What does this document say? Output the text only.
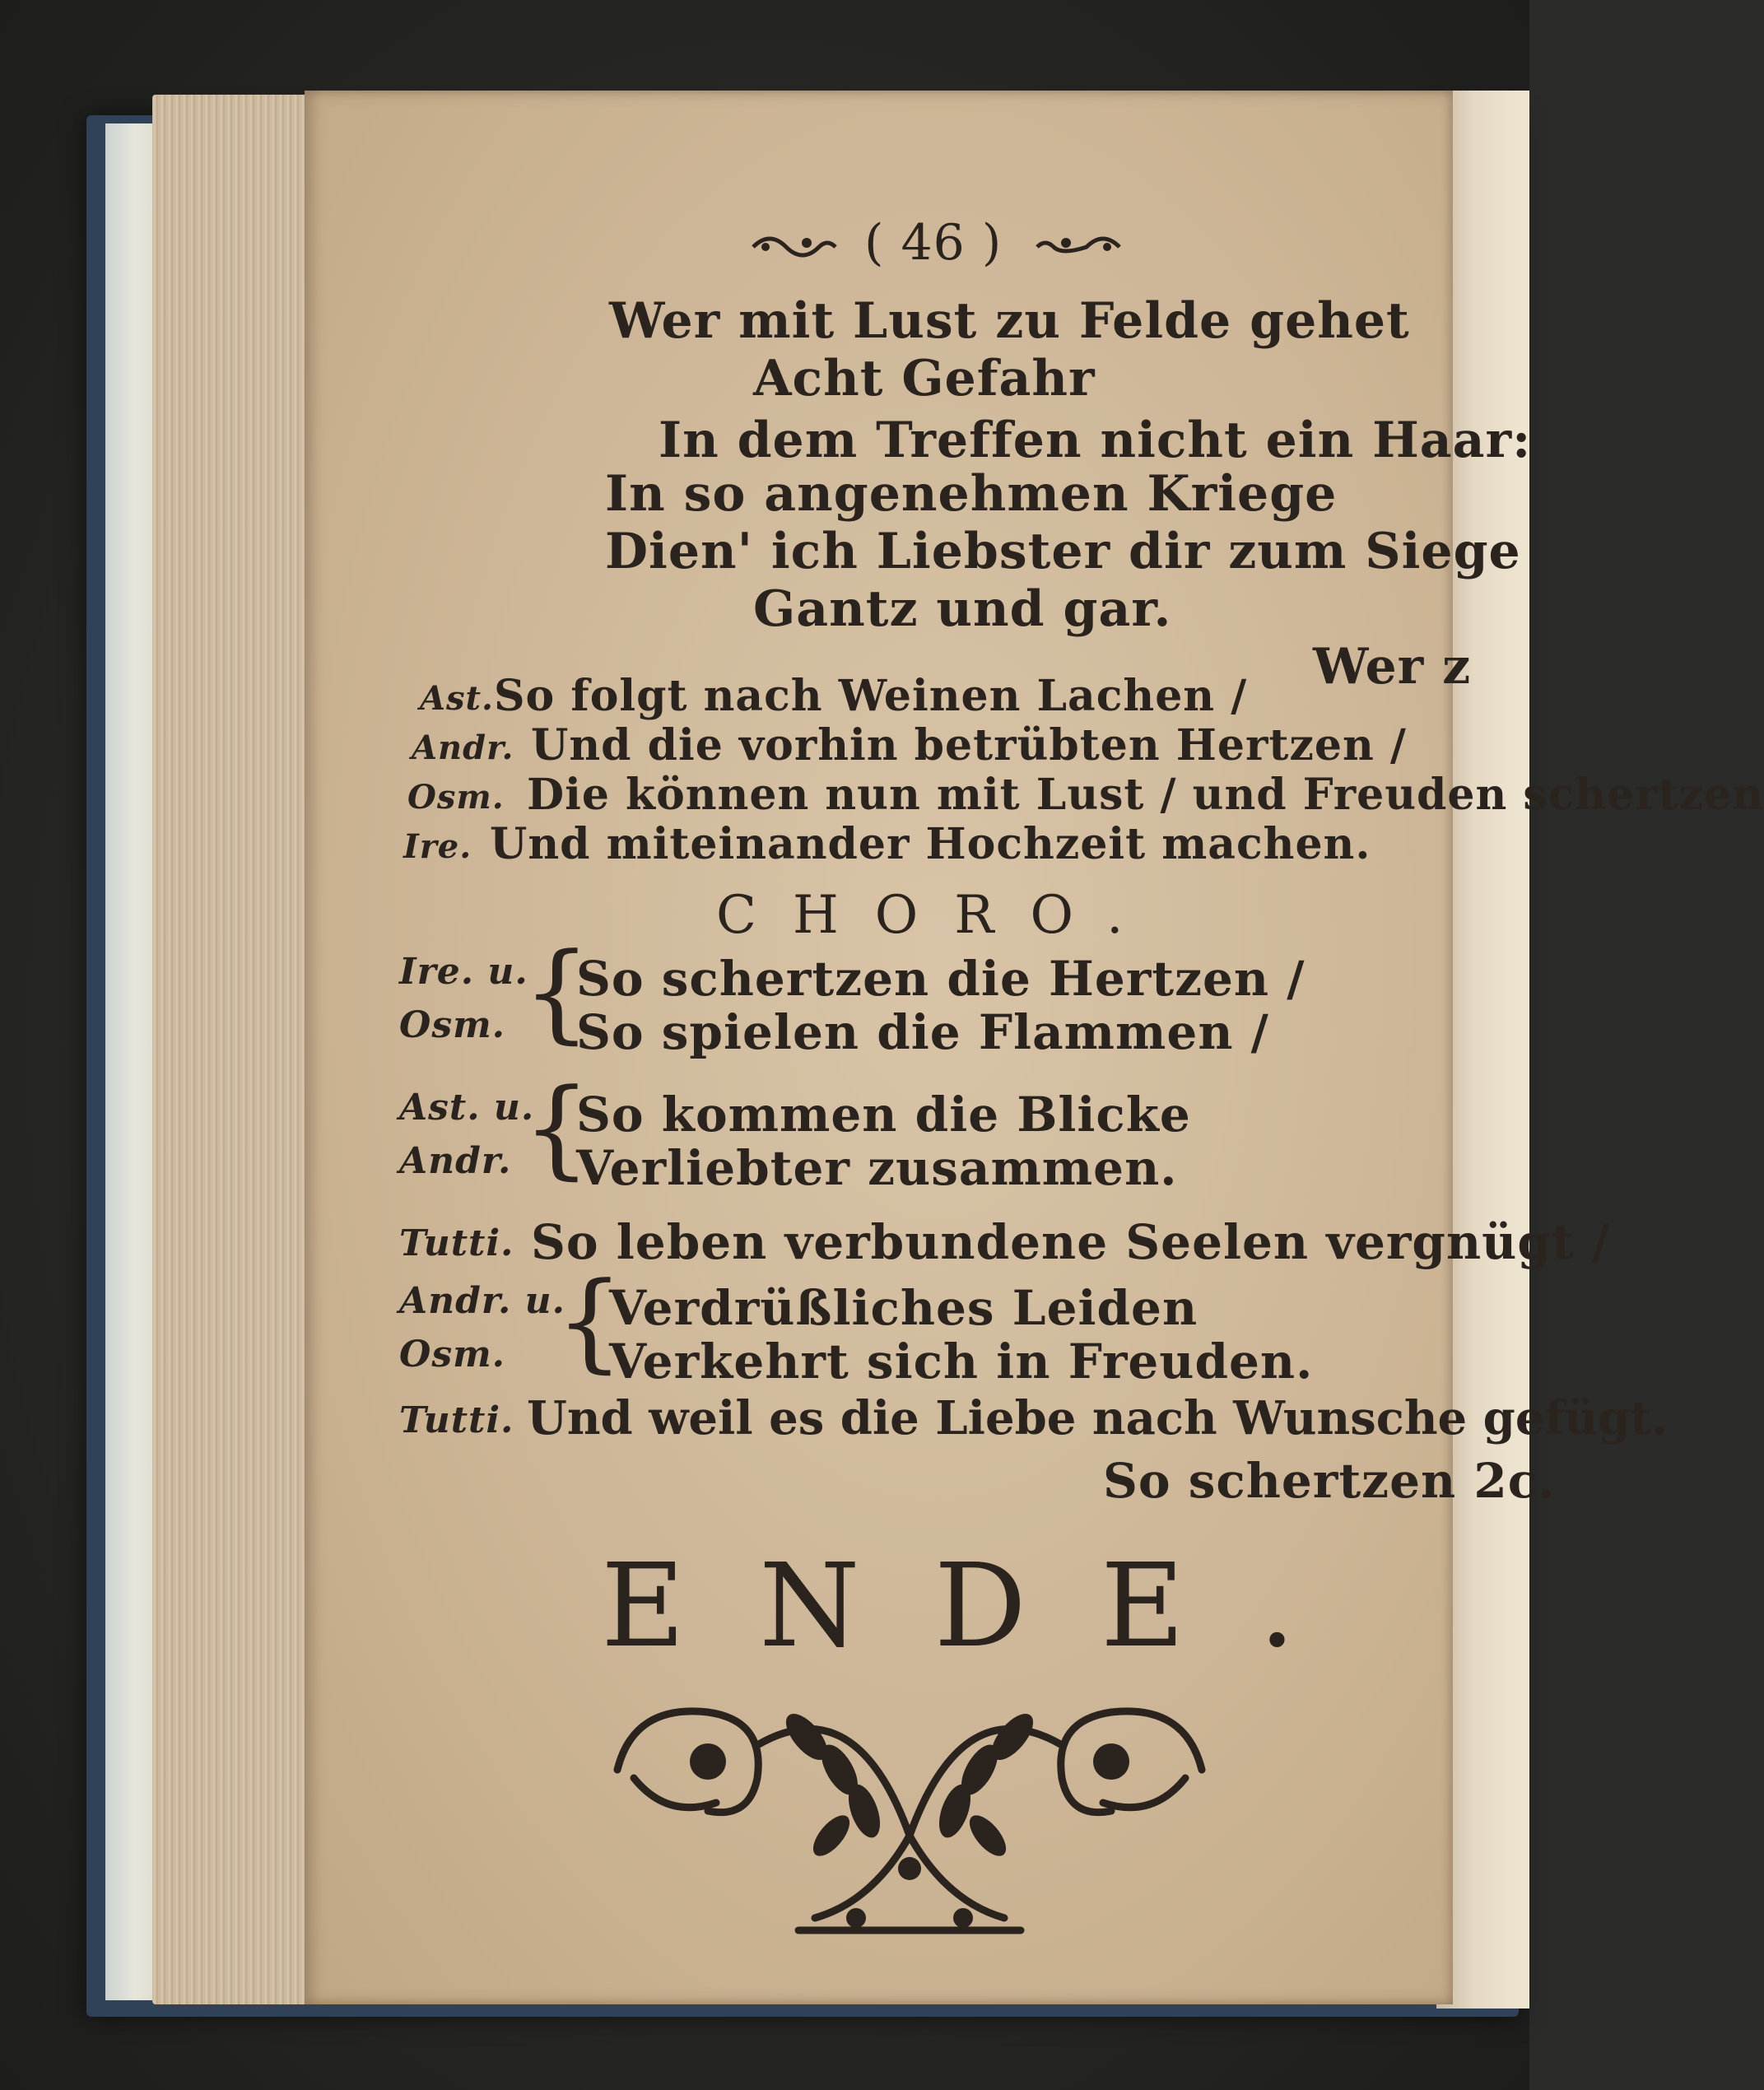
( 46 )
Wer mit Lust zu Felde gehet
Acht Gefahr
In dem Treffen nicht ein Haar:
In so angenehmen Kriege
Dien' ich Liebster dir zum Siege
Gantz und gar.
Wer z
Ast. So folgt nach Weinen Lachen /
Andr. Und die vorhin betrübten Hertzen /
Osm. Die können nun mit Lust / und Freuden schertzen
Ire. Und miteinander Hochzeit machen.
CHORO.
Ire. u.
Osm. {
So schertzen die Hertzen /
So spielen die Flammen /
Ast. u.
Andr. {
So kommen die Blicke
Verliebter zusammen.
Tutti. So leben verbundene Seelen vergnügt /
Andr. u.
Osm. {
Verdrüßliches Leiden
Verkehrt sich in Freuden.
Tutti. Und weil es die Liebe nach Wunsche gefügt.
So schertzen 2c.
ENDE.
